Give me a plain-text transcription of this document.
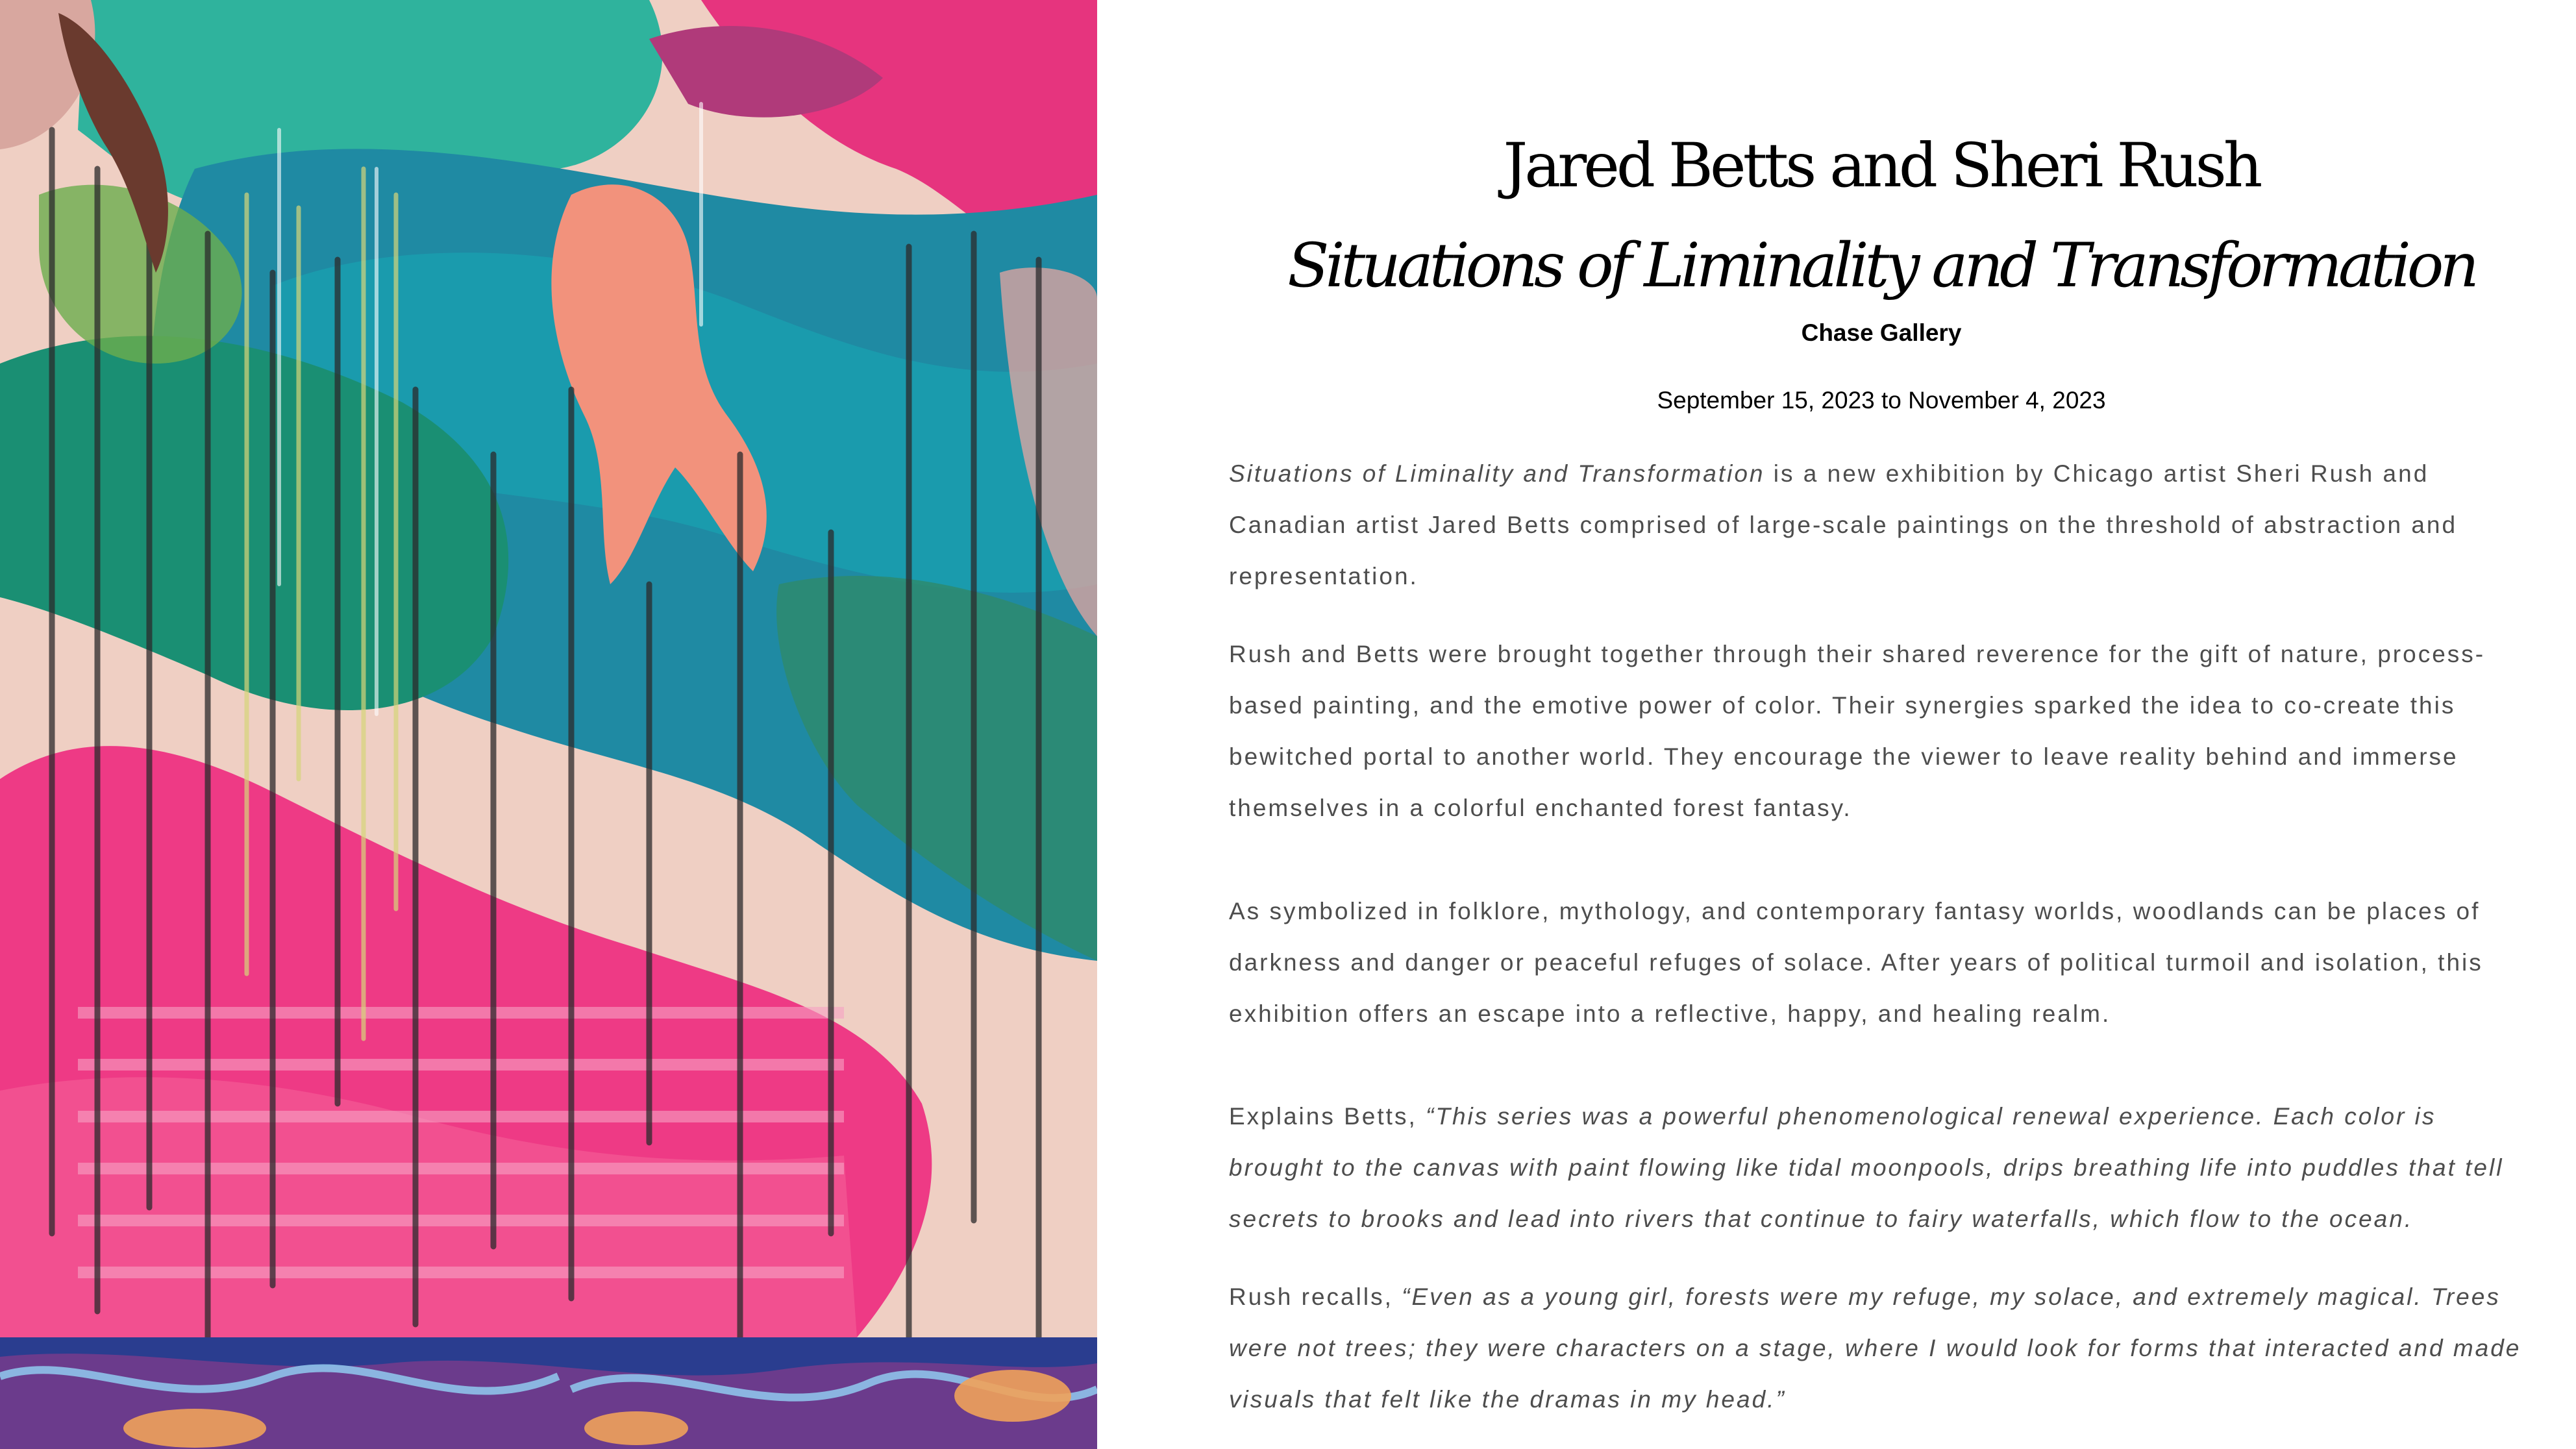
Jared Betts and Sheri Rush
Situations of Liminality and Transformation
Chase Gallery
September 15, 2023 to November 4, 2023

Situations of Liminality and Transformation is a new exhibition by Chicago artist Sheri Rush and Canadian artist Jared Betts comprised of large-scale paintings on the threshold of abstraction and representation.

Rush and Betts were brought together through their shared reverence for the gift of nature, process-based painting, and the emotive power of color. Their synergies sparked the idea to co-create this bewitched portal to another world. They encourage the viewer to leave reality behind and immerse themselves in a colorful enchanted forest fantasy.

As symbolized in folklore, mythology, and contemporary fantasy worlds, woodlands can be places of darkness and danger or peaceful refuges of solace. After years of political turmoil and isolation, this exhibition offers an escape into a reflective, happy, and healing realm.

Explains Betts, “This series was a powerful phenomenological renewal experience. Each color is brought to the canvas with paint flowing like tidal moonpools, drips breathing life into puddles that tell secrets to brooks and lead into rivers that continue to fairy waterfalls, which flow to the ocean.

Rush recalls, “Even as a young girl, forests were my refuge, my solace, and extremely magical. Trees were not trees; they were characters on a stage, where I would look for forms that interacted and made visuals that felt like the dramas in my head.”
